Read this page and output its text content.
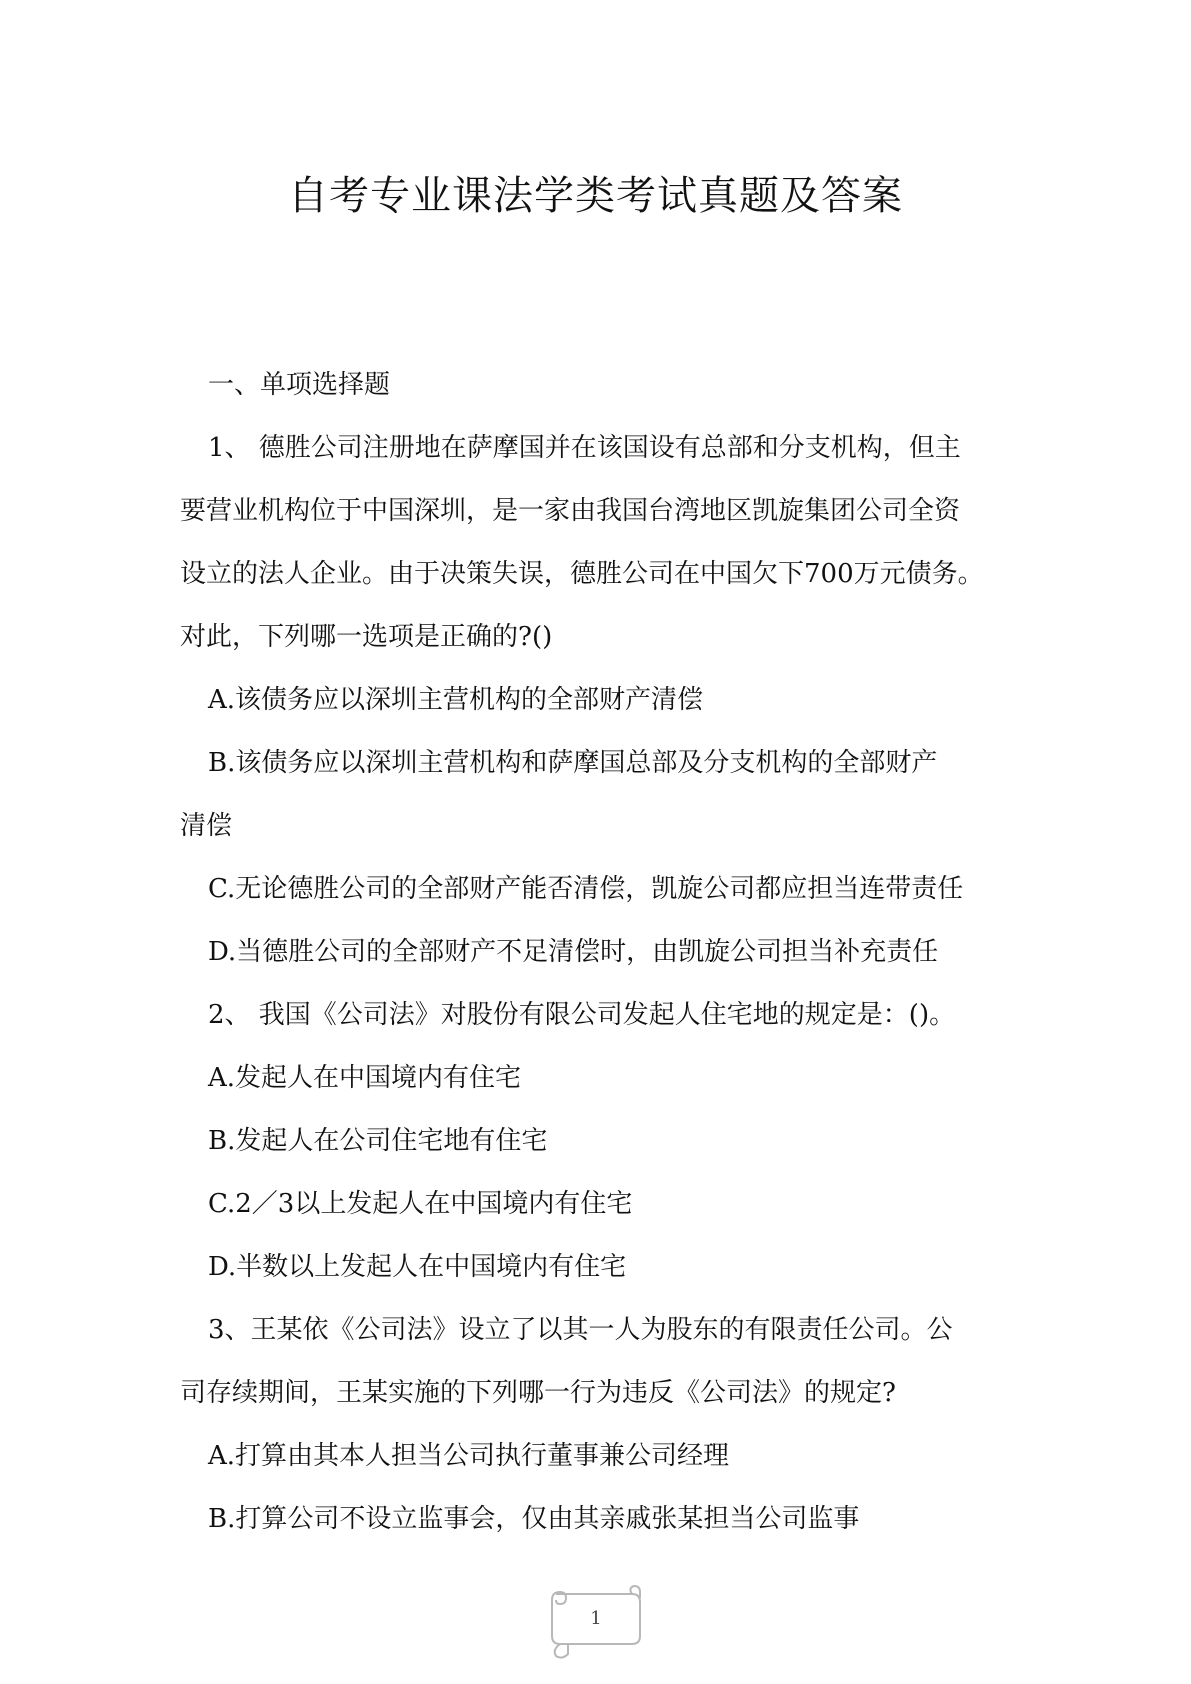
自考专业课法学类考试真题及答案
一、单项选择题
1、 德胜公司注册地在萨摩国并在该国设有总部和分支机构，但主
要营业机构位于中国深圳，是一家由我国台湾地区凯旋集团公司全资
设立的法人企业。由于决策失误，德胜公司在中国欠下700万元债务。
对此，下列哪一选项是正确的?()
A.该债务应以深圳主营机构的全部财产清偿
B.该债务应以深圳主营机构和萨摩国总部及分支机构的全部财产
清偿
C.无论德胜公司的全部财产能否清偿，凯旋公司都应担当连带责任
D.当德胜公司的全部财产不足清偿时，由凯旋公司担当补充责任
2、 我国《公司法》对股份有限公司发起人住宅地的规定是：()。
A.发起人在中国境内有住宅
B.发起人在公司住宅地有住宅
C.2／3以上发起人在中国境内有住宅
D.半数以上发起人在中国境内有住宅
3、王某依《公司法》设立了以其一人为股东的有限责任公司。公
司存续期间，王某实施的下列哪一行为违反《公司法》的规定?
A.打算由其本人担当公司执行董事兼公司经理
B.打算公司不设立监事会，仅由其亲戚张某担当公司监事
1
